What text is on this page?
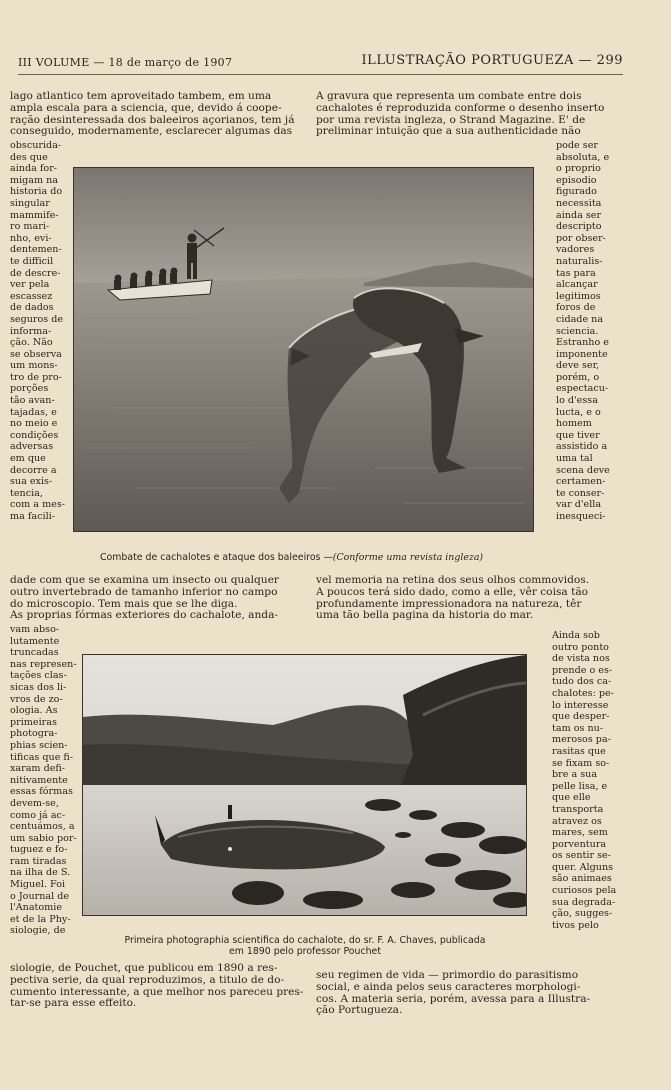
III VOLUME — 18 de março de 1907	ILLUSTRAÇÃO PORTUGUEZA — 299
lago atlantico tem aproveitado tambem, em uma
ampla escala para a sciencia, que, devido á coope-
ração desinteressada dos baleeiros açorianos, tem já
conseguido, modernamente, esclarecer algumas das
obscurida-
des que
ainda for-
migam na
historia do
singular
mammife-
ro mari-
nho, evi-
dentemen-
te difficil
de descre-
ver pela
escassez
de dados
seguros de
informa-
ção. Não
se observa
um mons-
tro de pro-
porções
tão avan-
tajadas, e
no meio e
condições
adversas
em que
decorre a
sua exis-
tencia,
com a mes-
ma facili-
dade com que se examina um insecto ou qualquer
outro invertebrado de tamanho inferior no campo
do microscopio. Tem mais que se lhe diga.
As proprias fórmas exteriores do cachalote, anda-
vam abso-
lutamente
truncadas
nas represen-
tações clas-
sicas dos li-
vros de zo-
ologia. As
primeiras
photogra-
phias scien-
tificas que fi-
xaram defi-
nitivamente
essas fórmas
devem-se,
como já ac-
centuámos, a
um sabio por-
tuguez e fo-
ram tiradas
na ilha de S.
Miguel. Foi
o Journal de
l'Anatomie
et de la Phy-
siologie, de
siologie, de Pouchet, que publicou em 1890 a res-
pectiva serie, da qual reproduzimos, a titulo de do-
cumento interessante, a que melhor nos pareceu pres-
tar-se para esse effeito.
A gravura que representa um combate entre dois
cachalotes é reproduzida conforme o desenho inserto
por uma revista ingleza, o Strand Magazine. E' de
preliminar intuição que a sua authenticidade não
pode ser
absoluta, e
o proprio
episodio
figurado
necessita
ainda ser
descripto
por obser-
vadores
naturalis-
tas para
alcançar
legitimos
foros de
cidade na
sciencia.
Estranho e
imponente
deve ser,
porém, o
espectacu-
lo d'essa
lucta, e o
homem
que tiver
assistido a
uma tal
scena deve
certamen-
te conser-
var d'ella
inesqueci-
vel memoria na retina dos seus olhos commovidos.
A poucos terá sido dado, como a elle, vêr coisa tão
profundamente impressionadora na natureza, têr
uma tão bella pagina da historia do mar.
Ainda sob
outro ponto
de vista nos
prende o es-
tudo dos ca-
chalotes: pe-
lo interesse
que desper-
tam os nu-
merosos pa-
rasitas que
se fixam so-
bre a sua
pelle lisa, e
que elle
transporta
atravez os
mares, sem
porventura
os sentir se-
quer. Alguns
são animaes
curiosos pela
sua degrada-
ção, sugges-
tivos pelo
seu regimen de vida — primordio do parasitismo
social, e ainda pelos seus caracteres morphologi-
cos. A materia seria, porém, avessa para a Illustra-
ção Portugueza.
Combate de cachalotes e ataque dos baleeiros —(Conforme uma revista ingleza)
Primeira photographia scientifica do cachalote, do sr. F. A. Chaves, publicada
em 1890 pelo professor Pouchet
